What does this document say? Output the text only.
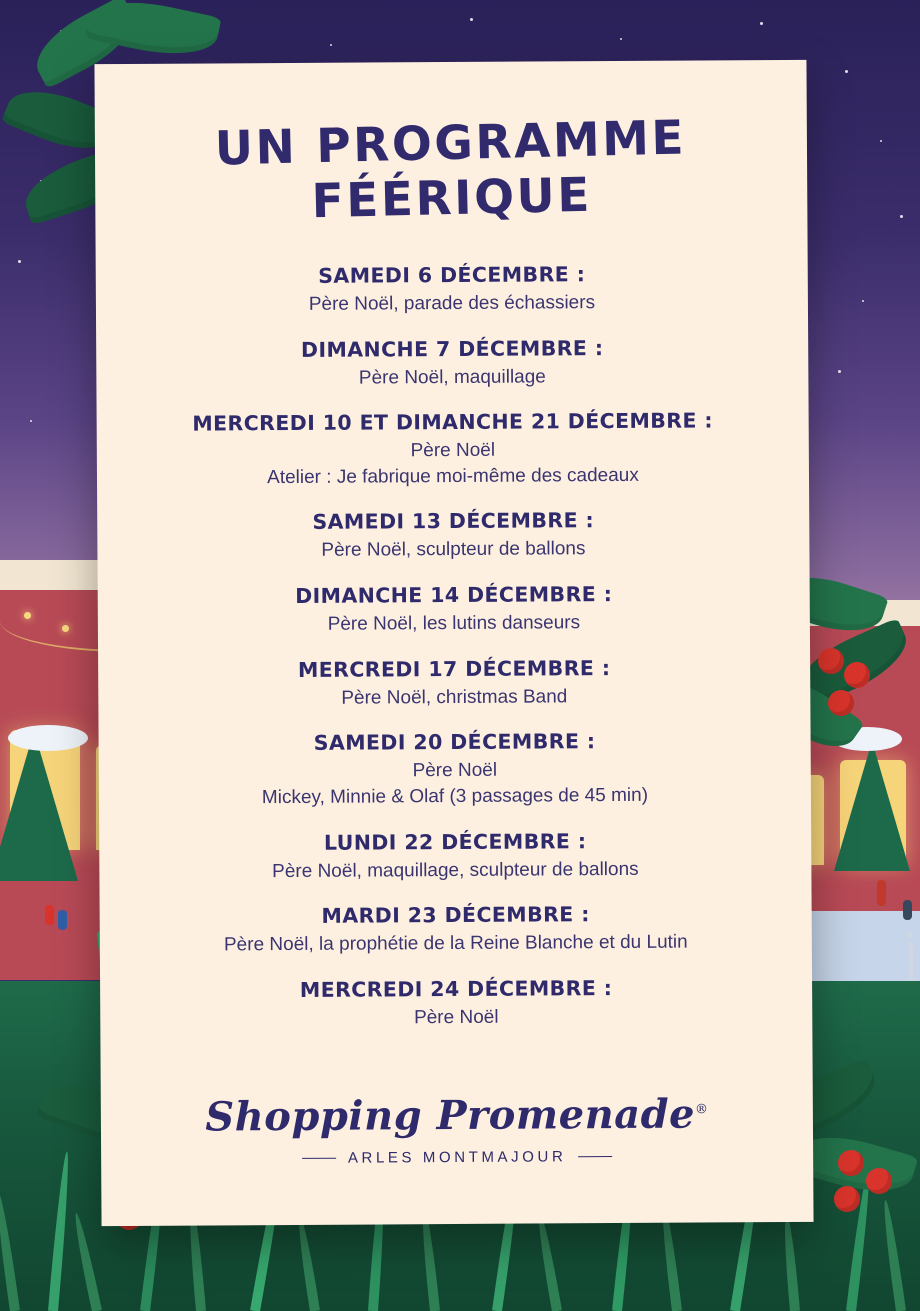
UN PROGRAMME
FÉÉRIQUE
SAMEDI 6 DÉCEMBRE :
Père Noël, parade des échassiers
DIMANCHE 7 DÉCEMBRE :
Père Noël, maquillage
MERCREDI 10 ET DIMANCHE 21 DÉCEMBRE :
Père Noël
Atelier : Je fabrique moi-même des cadeaux
SAMEDI 13 DÉCEMBRE :
Père Noël, sculpteur de ballons
DIMANCHE 14 DÉCEMBRE :
Père Noël, les lutins danseurs
MERCREDI 17 DÉCEMBRE :
Père Noël, christmas Band
SAMEDI 20 DÉCEMBRE :
Père Noël
Mickey, Minnie & Olaf (3 passages de 45 min)
LUNDI 22 DÉCEMBRE :
Père Noël, maquillage, sculpteur de ballons
MARDI 23 DÉCEMBRE :
Père Noël, la prophétie de la Reine Blanche et du Lutin
MERCREDI 24 DÉCEMBRE :
Père Noël
Shopping Promenade®
ARLES MONTMAJOUR
© Illustration
